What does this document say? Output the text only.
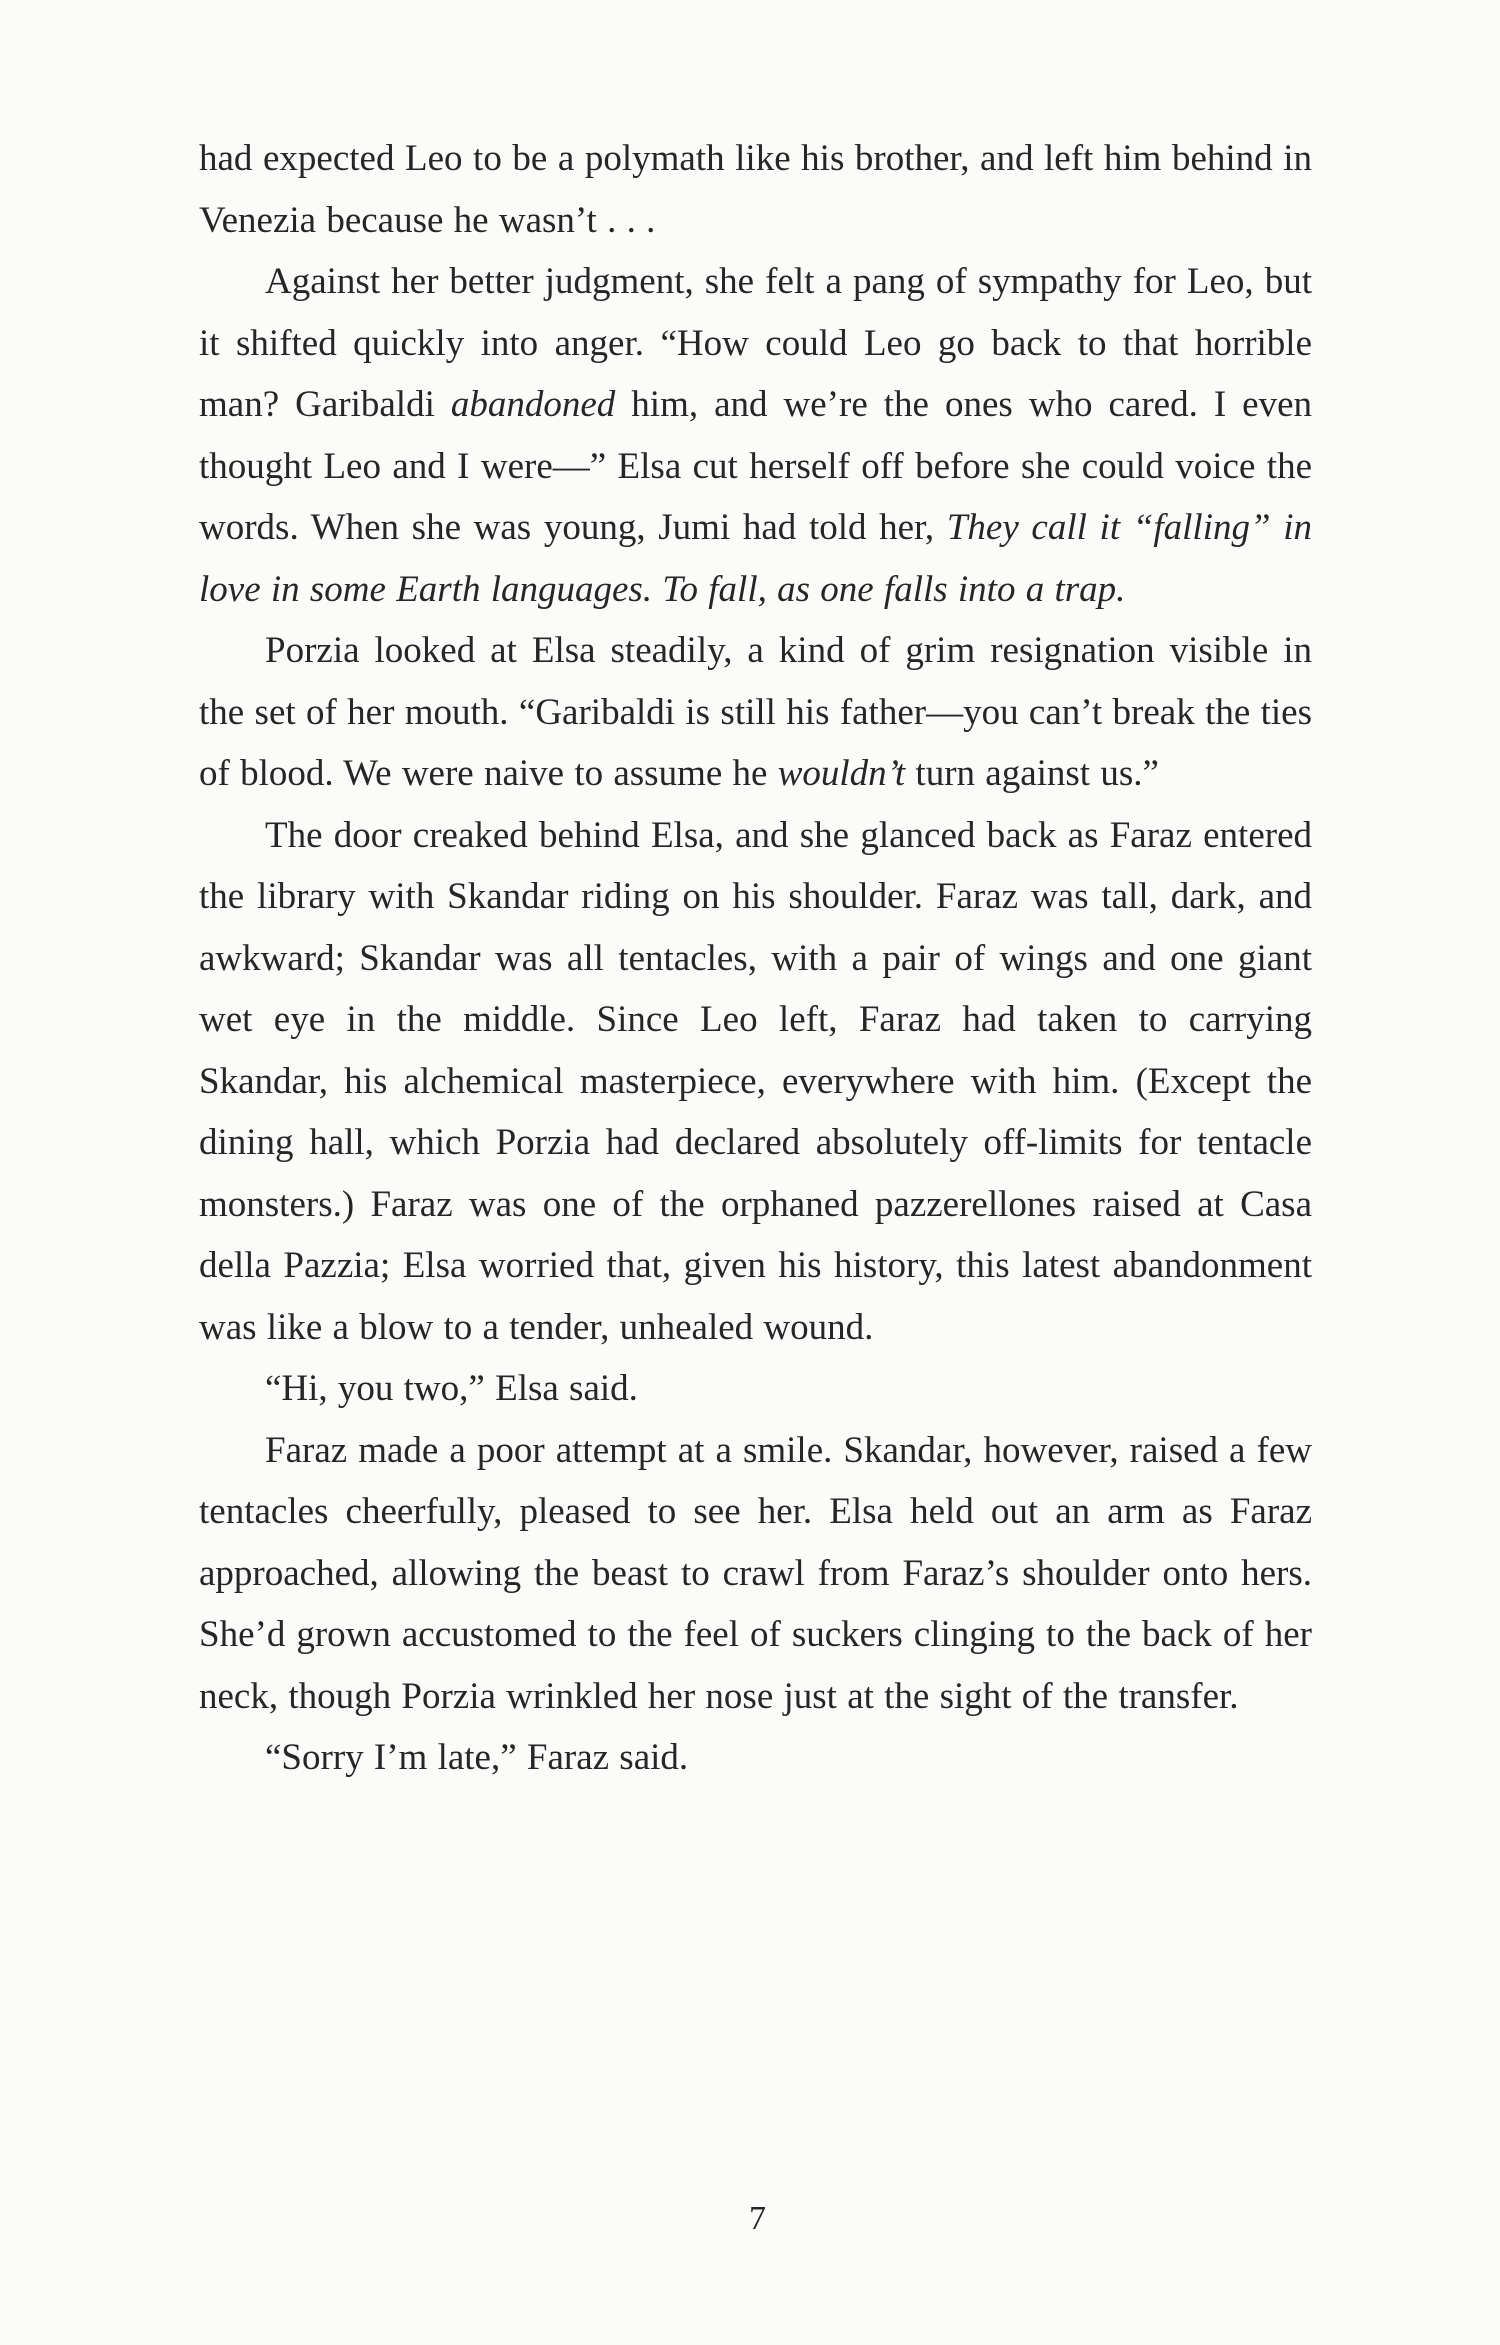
had expected Leo to be a polymath like his brother, and left him behind in Venezia because he wasn’t . . .

Against her better judgment, she felt a pang of sympathy for Leo, but it shifted quickly into anger. “How could Leo go back to that horrible man? Garibaldi abandoned him, and we’re the ones who cared. I even thought Leo and I were—” Elsa cut herself off before she could voice the words. When she was young, Jumi had told her, They call it “falling” in love in some Earth languages. To fall, as one falls into a trap.

Porzia looked at Elsa steadily, a kind of grim resignation visible in the set of her mouth. “Garibaldi is still his father—you can’t break the ties of blood. We were naive to assume he wouldn’t turn against us.”

The door creaked behind Elsa, and she glanced back as Faraz entered the library with Skandar riding on his shoulder. Faraz was tall, dark, and awkward; Skandar was all tentacles, with a pair of wings and one giant wet eye in the middle. Since Leo left, Faraz had taken to carrying Skandar, his alchemical masterpiece, everywhere with him. (Except the dining hall, which Porzia had declared absolutely off-limits for tentacle monsters.) Faraz was one of the orphaned pazzerellones raised at Casa della Pazzia; Elsa worried that, given his history, this latest abandonment was like a blow to a tender, unhealed wound.

“Hi, you two,” Elsa said.

Faraz made a poor attempt at a smile. Skandar, however, raised a few tentacles cheerfully, pleased to see her. Elsa held out an arm as Faraz approached, allowing the beast to crawl from Faraz’s shoulder onto hers. She’d grown accustomed to the feel of suckers clinging to the back of her neck, though Porzia wrinkled her nose just at the sight of the transfer.

“Sorry I’m late,” Faraz said.

7
